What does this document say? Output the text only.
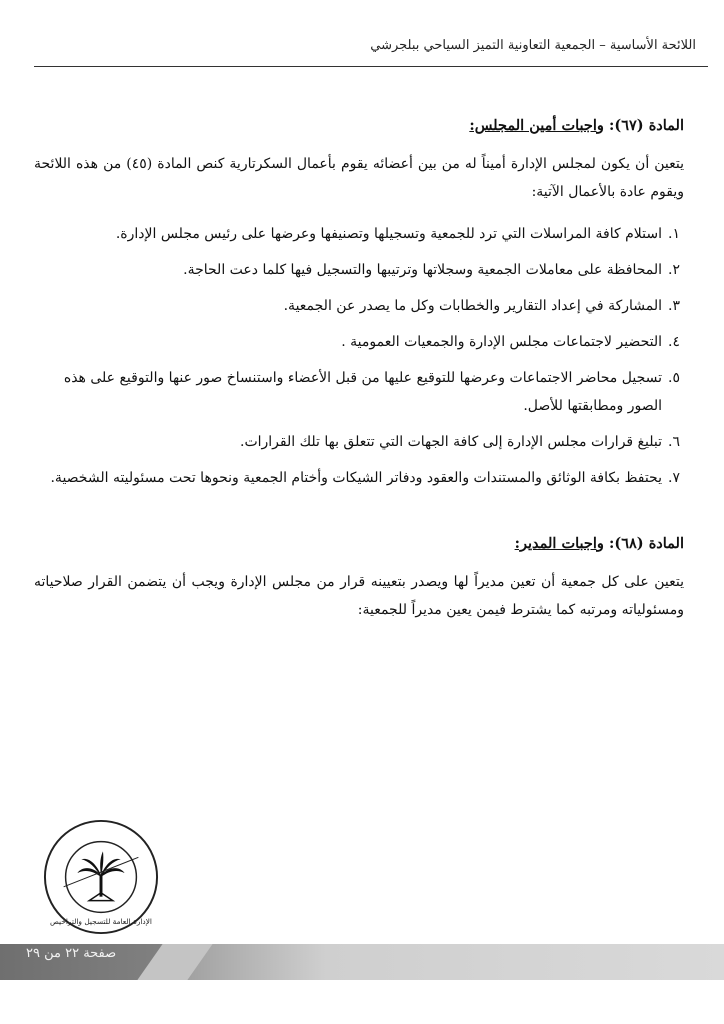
اللائحة الأساسية – الجمعية التعاونية التميز السياحي ببلجرشي

المادة (٦٧): واجبات أمين المجلس:

يتعين أن يكون لمجلس الإدارة أميناً له من بين أعضائه يقوم بأعمال السكرتارية كنص المادة (٤٥) من هذه اللائحة ويقوم عادة بالأعمال الآتية:

١.
استلام كافة المراسلات التي ترد للجمعية وتسجيلها وتصنيفها وعرضها على رئيس مجلس الإدارة.
٢.
المحافظة على معاملات الجمعية وسجلاتها وترتيبها والتسجيل فيها كلما دعت الحاجة.
٣.
المشاركة في إعداد التقارير والخطابات وكل ما يصدر عن الجمعية.
٤.
التحضير لاجتماعات مجلس الإدارة والجمعيات العمومية .
٥.
تسجيل محاضر الاجتماعات وعرضها للتوقيع عليها من قبل الأعضاء واستنساخ صور عنها والتوقيع على هذه الصور ومطابقتها للأصل.
٦.
تبليغ قرارات مجلس الإدارة إلى كافة الجهات التي تتعلق بها تلك القرارات.
٧.
يحتفظ بكافة الوثائق والمستندات والعقود ودفاتر الشيكات وأختام الجمعية ونحوها تحت مسئوليته الشخصية.

المادة (٦٨): واجبات المدير:

يتعين على كل جمعية أن تعين مديراً لها ويصدر بتعيينه قرار من مجلس الإدارة ويجب أن يتضمن القرار صلاحياته ومسئولياته ومرتبه كما يشترط فيمن يعين مديراً للجمعية:

الإدارة العامة للتسجيل والتراخيص
صفحة ٢٢ من ٢٩
